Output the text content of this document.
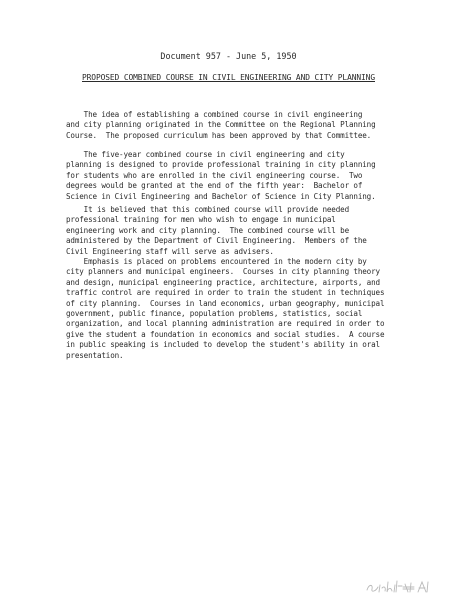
Document 957 - June 5, 1950
PROPOSED COMBINED COURSE IN CIVIL ENGINEERING AND CITY PLANNING

The idea of establishing a combined course in civil engineering
and city planning originated in the Committee on the Regional Planning
Course.  The proposed curriculum has been approved by that Committee.

The five-year combined course in civil engineering and city
planning is designed to provide professional training in city planning
for students who are enrolled in the civil engineering course.  Two
degrees would be granted at the end of the fifth year:  Bachelor of
Science in Civil Engineering and Bachelor of Science in City Planning.

It is believed that this combined course will provide needed
professional training for men who wish to engage in municipal
engineering work and city planning.  The combined course will be
administered by the Department of Civil Engineering.  Members of the
Civil Engineering staff will serve as advisers.

Emphasis is placed on problems encountered in the modern city by
city planners and municipal engineers.  Courses in city planning theory
and design, municipal engineering practice, architecture, airports, and
traffic control are required in order to train the student in techniques
of city planning.  Courses in land economics, urban geography, municipal
government, public finance, population problems, statistics, social
organization, and local planning administration are required in order to
give the student a foundation in economics and social studies.  A course
in public speaking is included to develop the student's ability in oral
presentation.
